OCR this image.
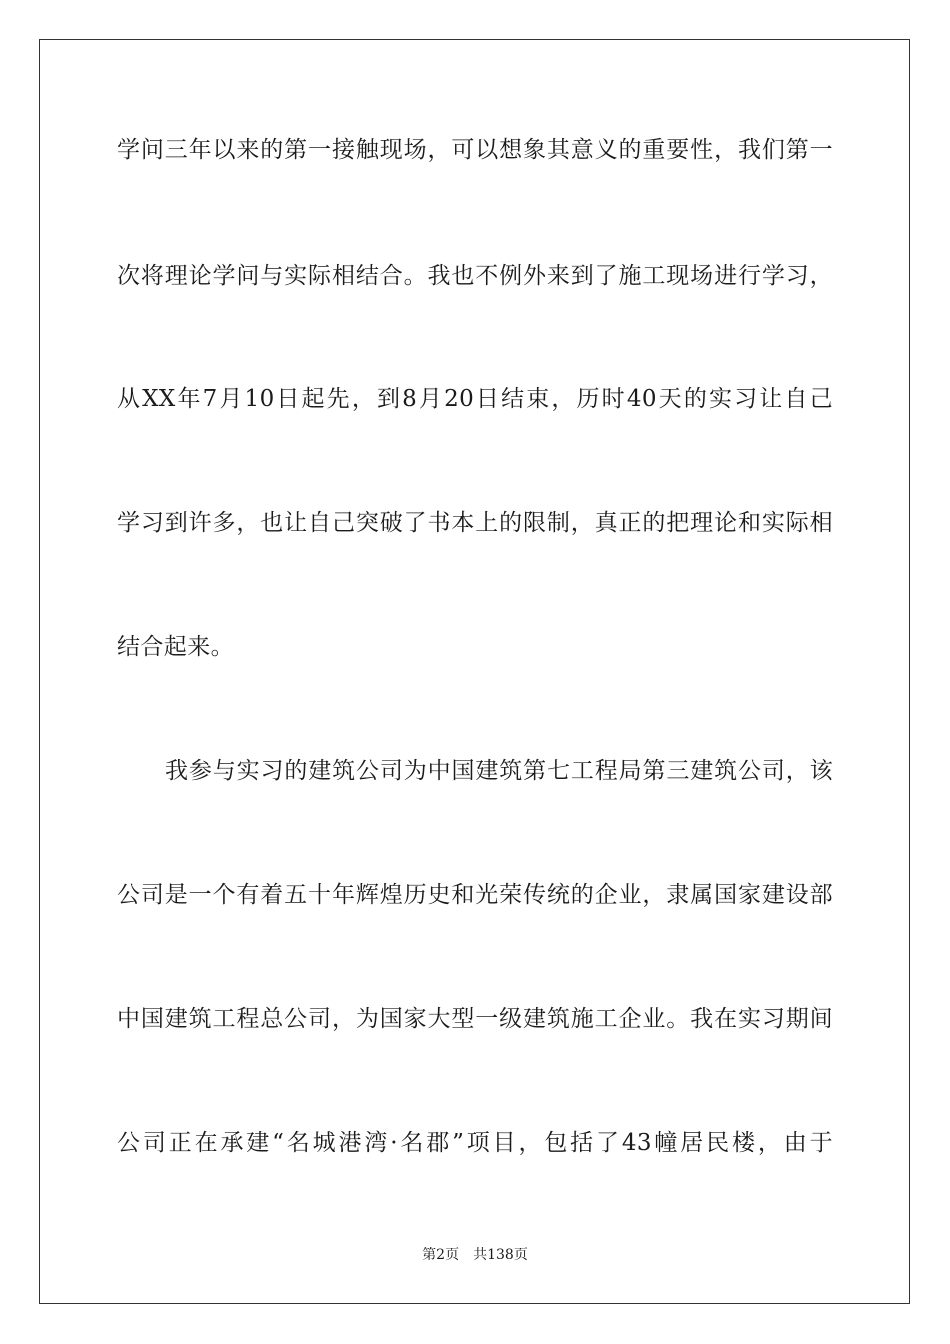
学问三年以来的第一接触现场，可以想象其意义的重要性，我们第一
次将理论学问与实际相结合。我也不例外来到了施工现场进行学习，
从XX年7月10日起先，到8月20日结束，历时40天的实习让自己
学习到许多，也让自己突破了书本上的限制，真正的把理论和实际相
结合起来。
我参与实习的建筑公司为中国建筑第七工程局第三建筑公司，该
公司是一个有着五十年辉煌历史和光荣传统的企业，隶属国家建设部
中国建筑工程总公司，为国家大型一级建筑施工企业。我在实习期间
公司正在承建“名城港湾·名郡”项目，包括了43幢居民楼，由于
第2页 共138页
